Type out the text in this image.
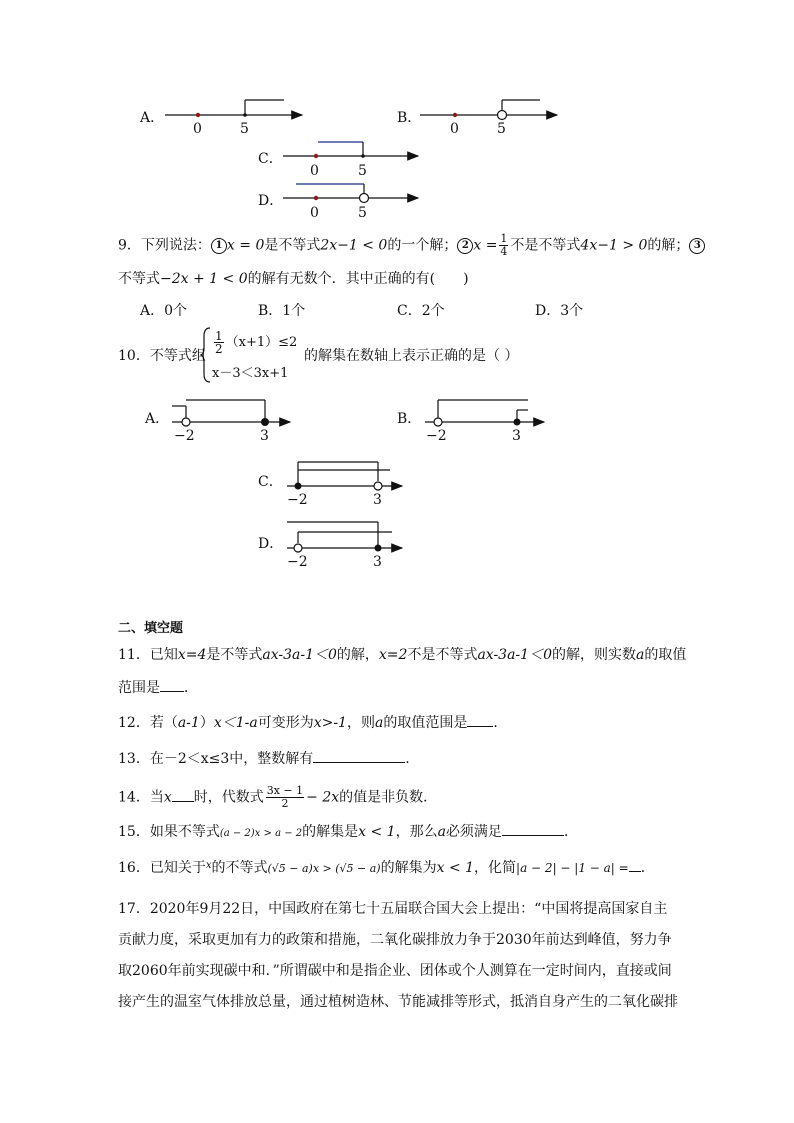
A．
0	5
B．
0	5
C．
0	5
D．
0	5
9．下列说法： 1 x = 0是不等式2x−1 < 0的一个解； 2 $x = \frac{1}{4}$ 不是不等式4x−1 > 0的解； 3
不等式−2x + 1 < 0的解有无数个．其中正确的有(　　)
A．0个	B．1个	C．2个	D．3个
10．不等式组
$\frac{1}{2} (x+1)\le 2$
x－3＜3x+1
的解集在数轴上表示正确的是（ ）
A．
−2	3
B．
−2	3
C．
−2	3
D．
−2	3
二、填空题
11．已知x=4是不等式ax-3a-1＜0的解，x=2不是不等式ax-3a-1＜0的解，则实数a的取值
范围是 ．
12．若（a-1）x＜1-a可变形为x>-1，则a的取值范围是 ．
13．在－2＜x≤3中，整数解有	.
14．当x 时，代数式 $\frac{3x - 1}{2} - 2x$的值是非负数．
15．如果不等式(a − 2)x > a − 2的解集是x < 1，那么a必须满足	．
16．已知关于$^x$的不等式(√5 − a)x > (√5 − a)的解集为x < 1，化简|a − 2| − |1 − a| = ．
17．2020年9月22日，中国政府在第七十五届联合国大会上提出：“中国将提高国家自主
贡献力度，采取更加有力的政策和措施，二氧化碳排放力争于2030年前达到峰值，努力争
取2060年前实现碳中和．”所谓碳中和是指企业、团体或个人测算在一定时间内，直接或间
接产生的温室气体排放总量，通过植树造林、节能减排等形式，抵消自身产生的二氧化碳排
